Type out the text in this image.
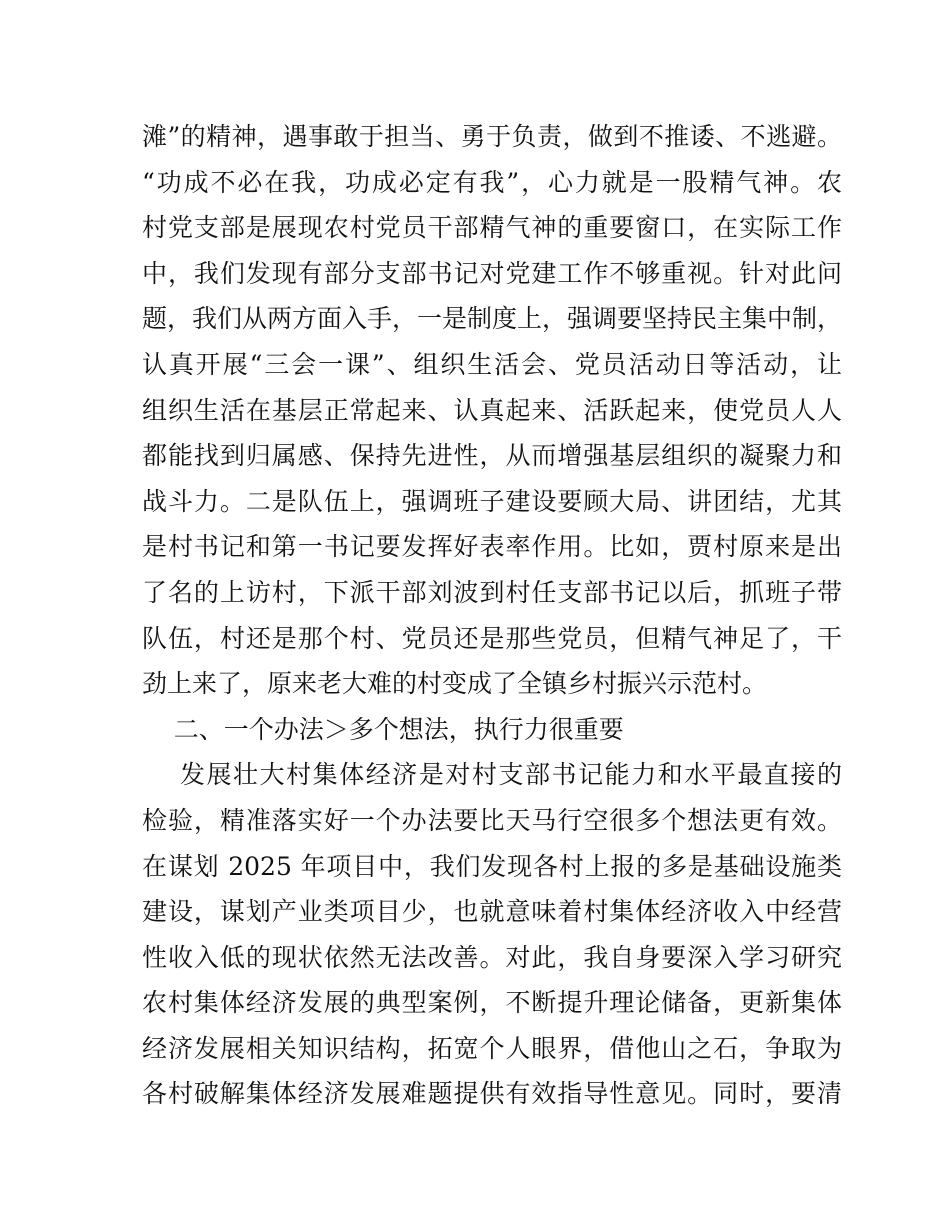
滩”的精神，遇事敢于担当、勇于负责，做到不推诿、不逃避。
“功成不必在我，功成必定有我”，心力就是一股精气神。农
村党支部是展现农村党员干部精气神的重要窗口，在实际工作
中，我们发现有部分支部书记对党建工作不够重视。针对此问
题，我们从两方面入手，一是制度上，强调要坚持民主集中制，
认真开展“三会一课”、组织生活会、党员活动日等活动，让
组织生活在基层正常起来、认真起来、活跃起来，使党员人人
都能找到归属感、保持先进性，从而增强基层组织的凝聚力和
战斗力。二是队伍上，强调班子建设要顾大局、讲团结，尤其
是村书记和第一书记要发挥好表率作用。比如，贾村原来是出
了名的上访村，下派干部刘波到村任支部书记以后，抓班子带
队伍，村还是那个村、党员还是那些党员，但精气神足了，干
劲上来了，原来老大难的村变成了全镇乡村振兴示范村。
二、一个办法＞多个想法，执行力很重要
发展壮大村集体经济是对村支部书记能力和水平最直接的
检验，精准落实好一个办法要比天马行空很多个想法更有效。
在谋划 2025 年项目中，我们发现各村上报的多是基础设施类
建设，谋划产业类项目少，也就意味着村集体经济收入中经营
性收入低的现状依然无法改善。对此，我自身要深入学习研究
农村集体经济发展的典型案例，不断提升理论储备，更新集体
经济发展相关知识结构，拓宽个人眼界，借他山之石，争取为
各村破解集体经济发展难题提供有效指导性意见。同时，要清
